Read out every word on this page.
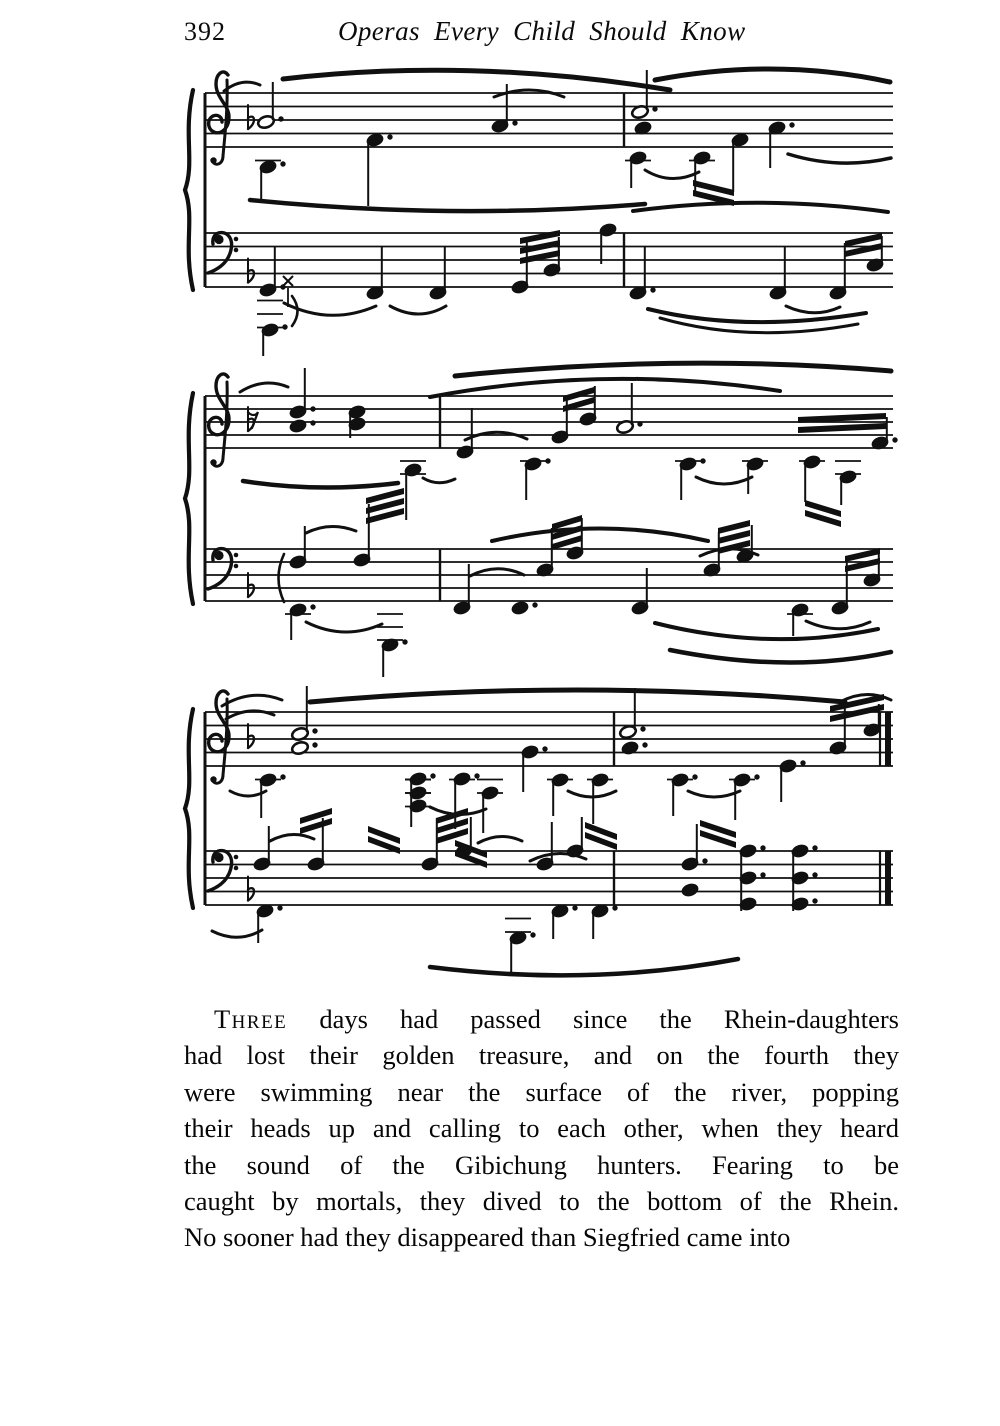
392	Operas Every Child Should Know
Three days had passed since the Rhein-daughters
had lost their golden treasure, and on the fourth they
were swimming near the surface of the river, popping
their heads up and calling to each other, when they heard
the sound of the Gibichung hunters. Fearing to be
caught by mortals, they dived to the bottom of the Rhein.
No sooner had they disappeared than Siegfried came into
